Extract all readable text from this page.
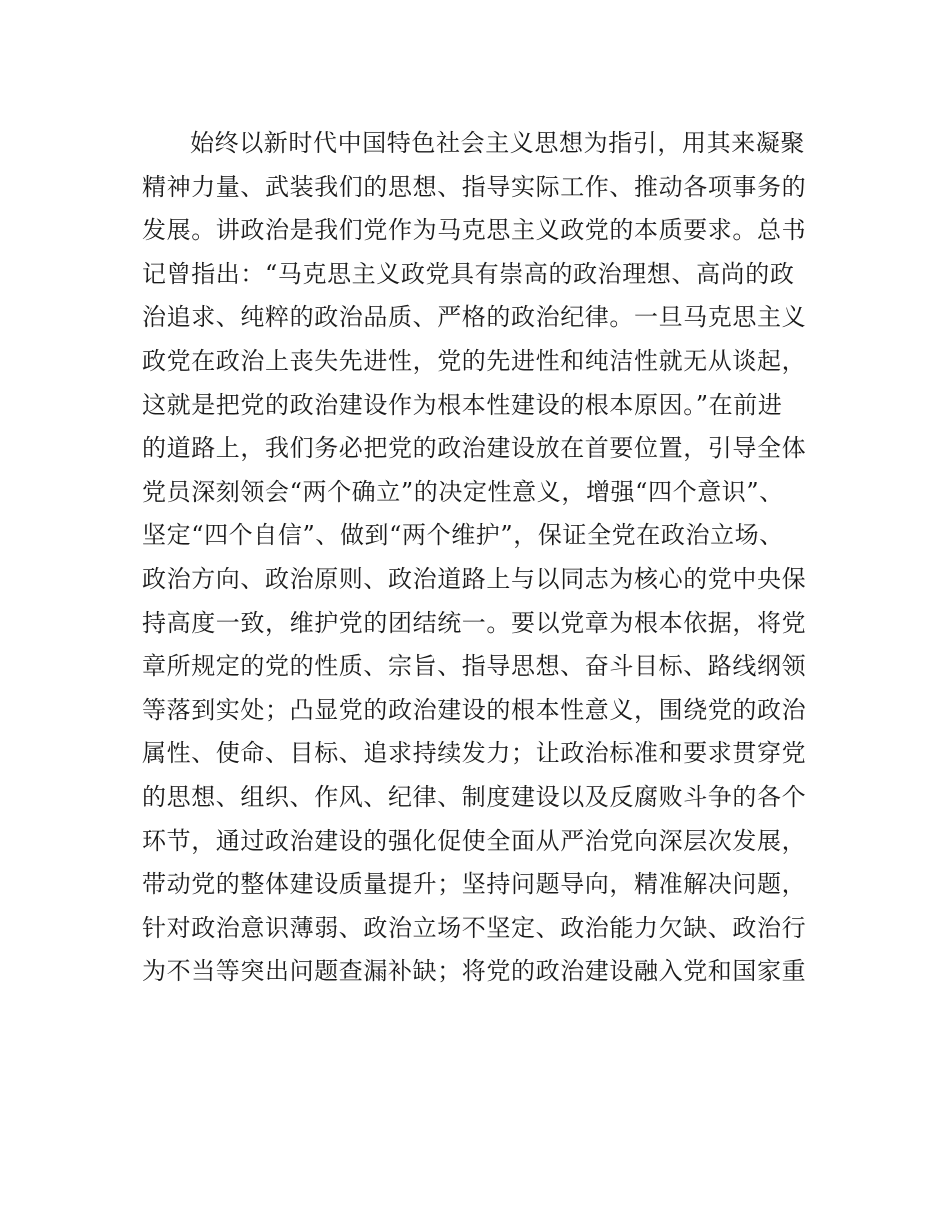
始终以新时代中国特色社会主义思想为指引，用其来凝聚
精神力量、武装我们的思想、指导实际工作、推动各项事务的
发展。讲政治是我们党作为马克思主义政党的本质要求。总书
记曾指出：“马克思主义政党具有崇高的政治理想、高尚的政
治追求、纯粹的政治品质、严格的政治纪律。一旦马克思主义
政党在政治上丧失先进性，党的先进性和纯洁性就无从谈起，
这就是把党的政治建设作为根本性建设的根本原因。”在前进
的道路上，我们务必把党的政治建设放在首要位置，引导全体
党员深刻领会“两个确立”的决定性意义，增强“四个意识”、
坚定“四个自信”、做到“两个维护”，保证全党在政治立场、
政治方向、政治原则、政治道路上与以同志为核心的党中央保
持高度一致，维护党的团结统一。要以党章为根本依据，将党
章所规定的党的性质、宗旨、指导思想、奋斗目标、路线纲领
等落到实处；凸显党的政治建设的根本性意义，围绕党的政治
属性、使命、目标、追求持续发力；让政治标准和要求贯穿党
的思想、组织、作风、纪律、制度建设以及反腐败斗争的各个
环节，通过政治建设的强化促使全面从严治党向深层次发展，
带动党的整体建设质量提升；坚持问题导向，精准解决问题，
针对政治意识薄弱、政治立场不坚定、政治能力欠缺、政治行
为不当等突出问题查漏补缺；将党的政治建设融入党和国家重
